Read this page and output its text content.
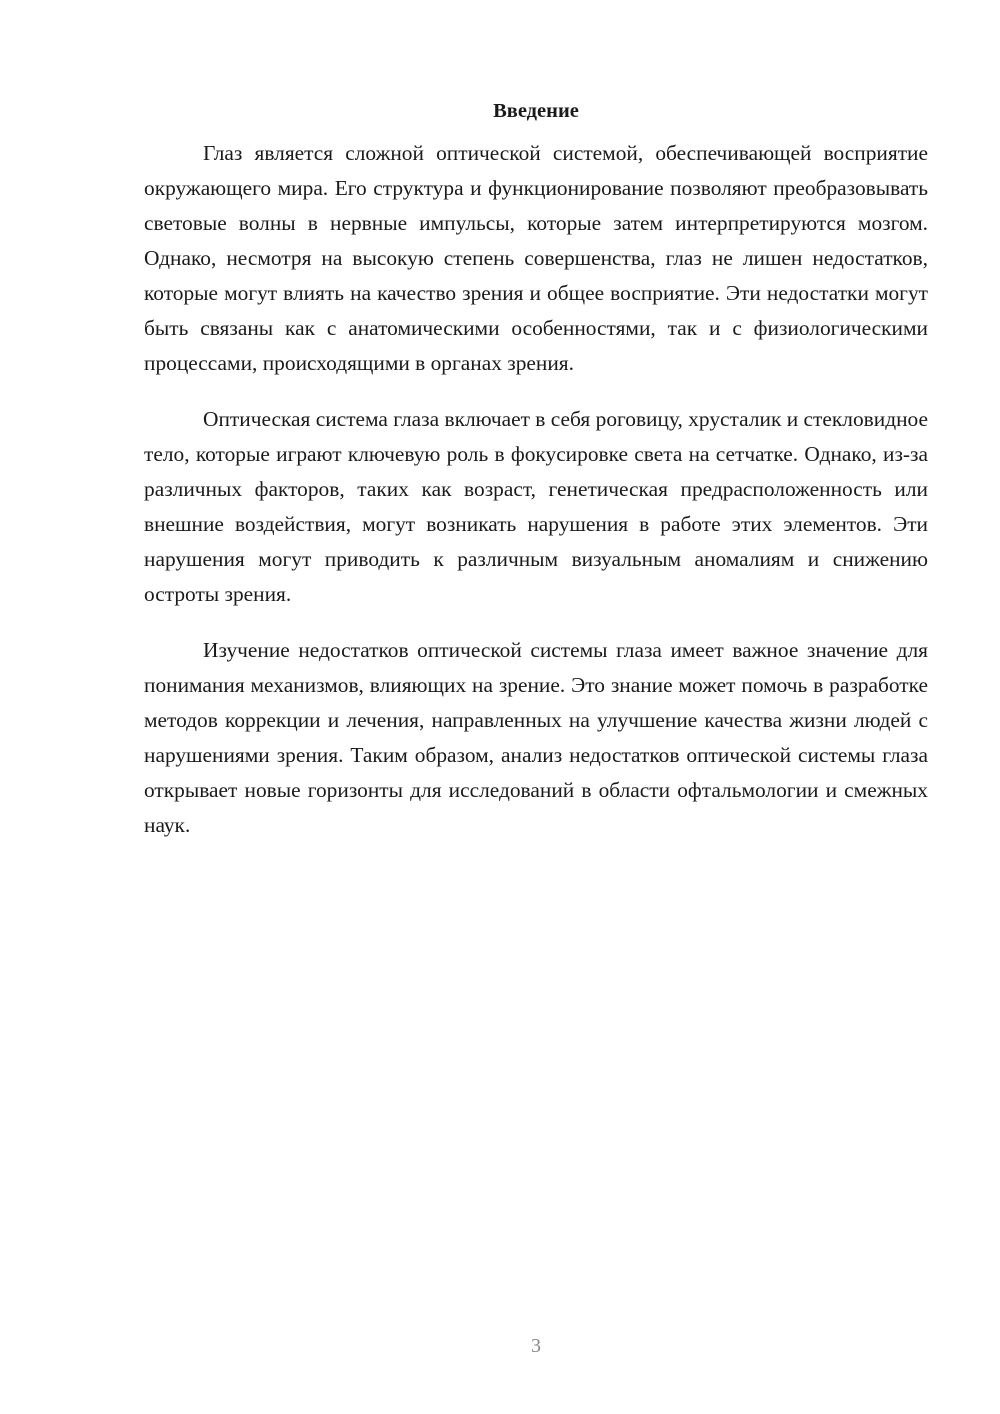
Введение

Глаз является сложной оптической системой, обеспечивающей восприятие окружающего мира. Его структура и функционирование позволяют преобразовывать световые волны в нервные импульсы, которые затем интерпретируются мозгом. Однако, несмотря на высокую степень совершенства, глаз не лишен недостатков, которые могут влиять на качество зрения и общее восприятие. Эти недостатки могут быть связаны как с анатомическими особенностями, так и с физиологическими процессами, происходящими в органах зрения.

Оптическая система глаза включает в себя роговицу, хрусталик и стекловидное тело, которые играют ключевую роль в фокусировке света на сетчатке. Однако, из-за различных факторов, таких как возраст, генетическая предрасположенность или внешние воздействия, могут возникать нарушения в работе этих элементов. Эти нарушения могут приводить к различным визуальным аномалиям и снижению остроты зрения.

Изучение недостатков оптической системы глаза имеет важное значение для понимания механизмов, влияющих на зрение. Это знание может помочь в разработке методов коррекции и лечения, направленных на улучшение качества жизни людей с нарушениями зрения. Таким образом, анализ недостатков оптической системы глаза открывает новые горизонты для исследований в области офтальмологии и смежных наук.

3
